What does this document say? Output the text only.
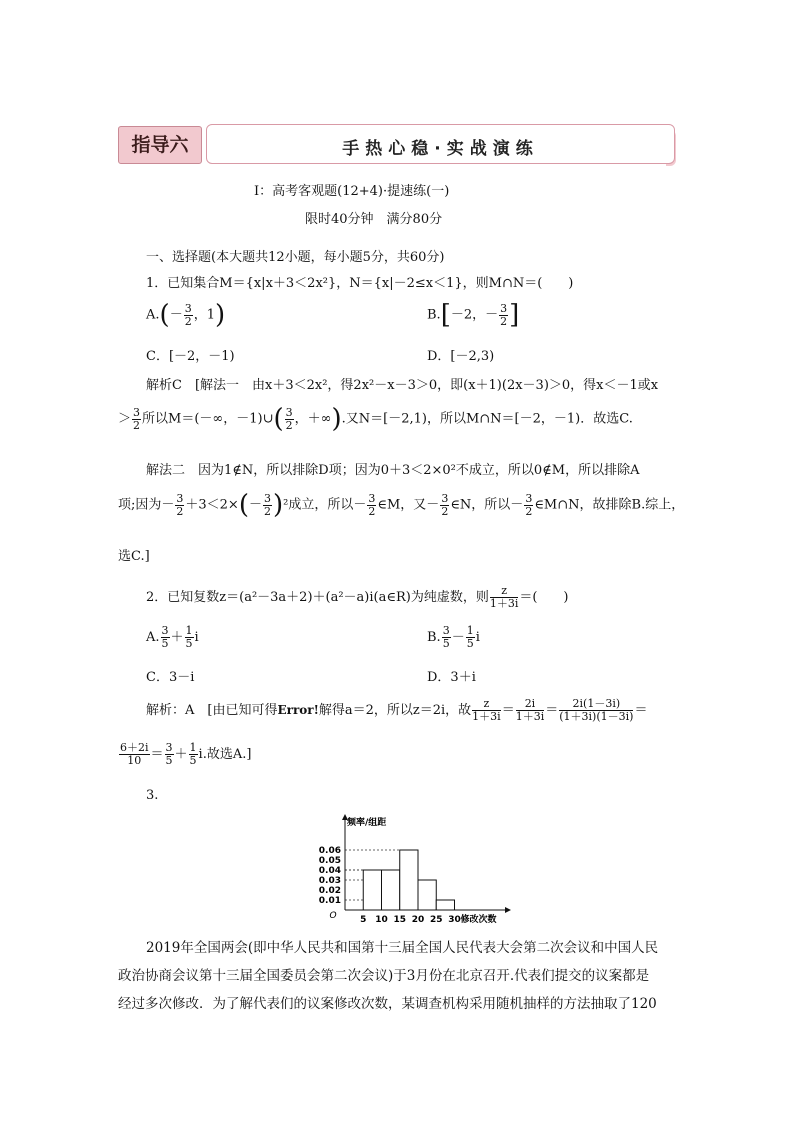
指导六	手热心稳·实战演练
Ⅰ：高考客观题(12+4)·提速练(一)
限时40分钟　满分80分
一、选择题(本大题共12小题，每小题5分，共60分)
1．已知集合M＝{x|x＋3＜2x²}，N＝{x|－2≤x＜1}，则M∩N＝(　　)
$A.(- \frac{3}{2}$ ，1)	B.[－2，－ $\frac{3}{2}$ ]
C．[－2，－1)	D．[－2,3)
解析C　[解法一　由x＋3＜2x²，得2x²－x－3＞0，即(x＋1)(2x－3)＞0，得x＜－1或x
＞ $\frac{3}{2}$ 所以M＝(－∞，－1)∪( $\frac{3}{2}$ ，＋∞).又N＝[－2,1)，所以M∩N＝[－2，－1)．故选C.
解法二　因为1∉N，所以排除D项；因为0＋3＜2×0²不成立，所以0∉M，所以排除A
项;因为－ $\frac{3}{2} +3<2\times(- \frac{3}{2} )^2$成立，所以－ $\frac{3}{2}$ ∈M，又－ $\frac{3}{2}$ ∈N，所以－ $\frac{3}{2}$ ∈M∩N，故排除B.综上，
选C.]
2．已知复数z＝(a²－3a＋2)＋(a²－a)i(a∈R)为纯虚数，则 $\frac{z}{1+3i}$ ＝(　　)
A. $\frac{3}{5} + \frac{1}{5}$ i	B. $\frac{3}{5} - \frac{1}{5}$ i
C．3－i	D．3＋i
解析：A　[由已知可得Error!解得a＝2，所以z＝2i，故 $\frac{z}{1+3i} = \frac{2i}{1+3i} = \frac{2i(1-3i)}{(1+3i)(1-3i)}$ ＝
$\frac{6+2i}{10} = \frac{3}{5} + \frac{1}{5} i$.故选A.]
3.
0.06
0.05
0.04
0.03
0.02
0.01
5 10 15 20 25 30
O
频率/组距
修改次数
2019年全国两会(即中华人民共和国第十三届全国人民代表大会第二次会议和中国人民
政治协商会议第十三届全国委员会第二次会议)于3月份在北京召开.代表们提交的议案都是
经过多次修改．为了解代表们的议案修改次数，某调查机构采用随机抽样的方法抽取了120
